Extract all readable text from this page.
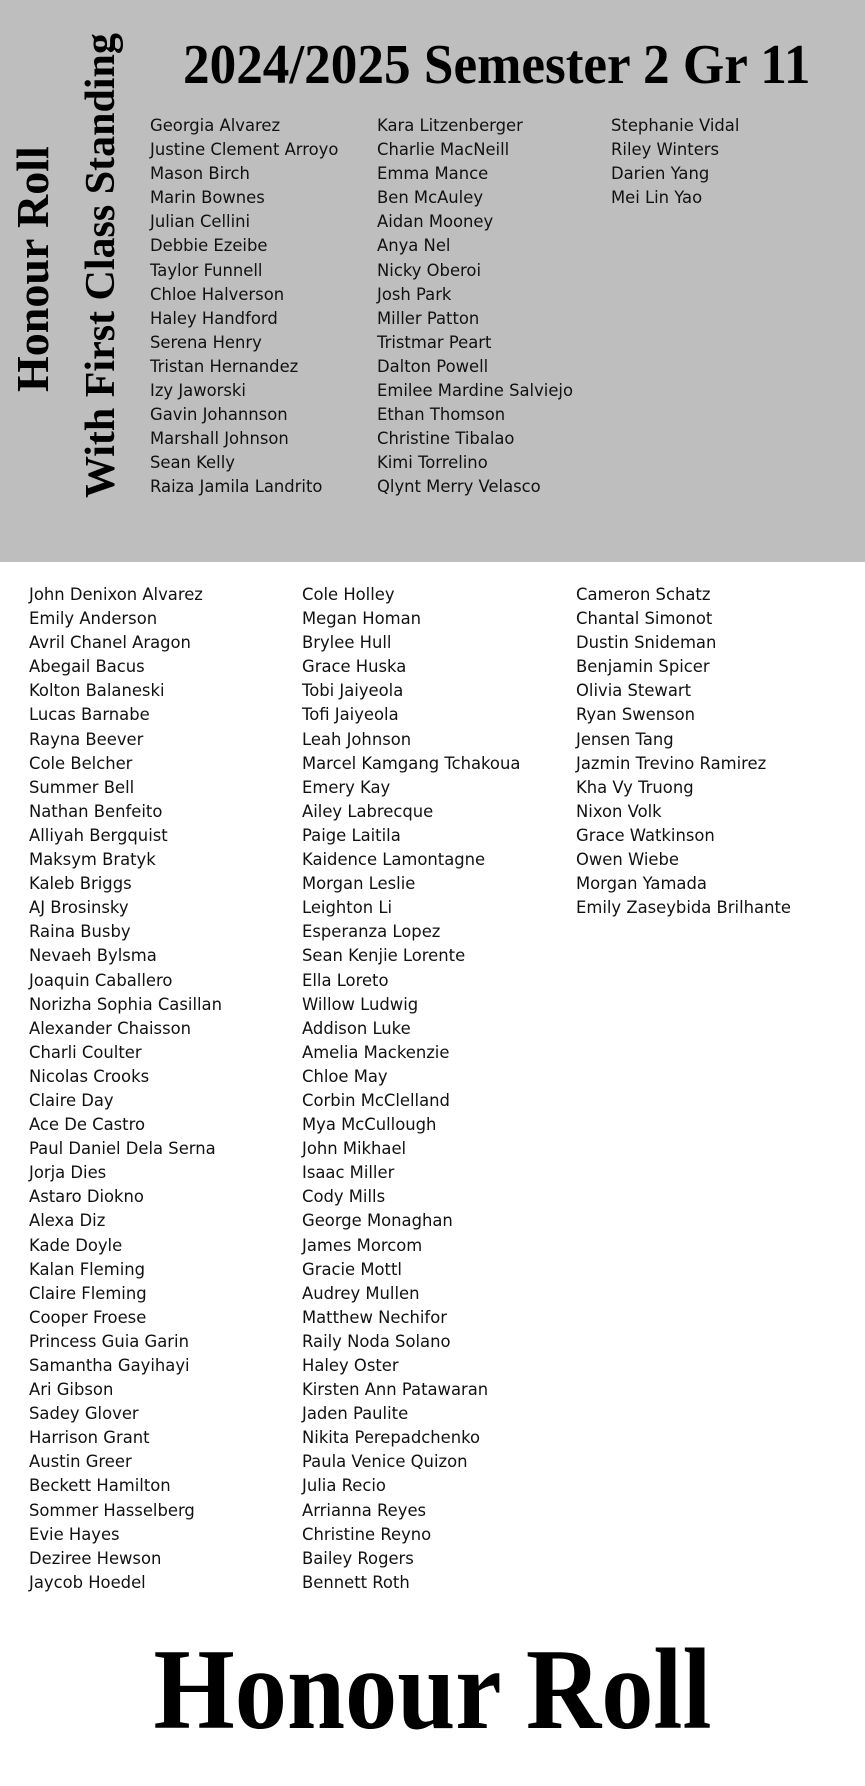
2024/2025 Semester 2 Gr 11
Honour Roll With First Class Standing Georgia Alvarez
Justine Clement Arroyo
Mason Birch
Marin Bownes
Julian Cellini
Debbie Ezeibe
Taylor Funnell
Chloe Halverson
Haley Handford
Serena Henry
Tristan Hernandez
Izy Jaworski
Gavin Johannson
Marshall Johnson
Sean Kelly
Raiza Jamila Landrito
Kara Litzenberger
Charlie MacNeill
Emma Mance
Ben McAuley
Aidan Mooney
Anya Nel
Nicky Oberoi
Josh Park
Miller Patton
Tristmar Peart
Dalton Powell
Emilee Mardine Salviejo
Ethan Thomson
Christine Tibalao
Kimi Torrelino
Qlynt Merry Velasco
Stephanie Vidal
Riley Winters
Darien Yang
Mei Lin Yao
John Denixon Alvarez
Emily Anderson
Avril Chanel Aragon
Abegail Bacus
Kolton Balaneski
Lucas Barnabe
Rayna Beever
Cole Belcher
Summer Bell
Nathan Benfeito
Alliyah Bergquist
Maksym Bratyk
Kaleb Briggs
AJ Brosinsky
Raina Busby
Nevaeh Bylsma
Joaquin Caballero
Norizha Sophia Casillan
Alexander Chaisson
Charli Coulter
Nicolas Crooks
Claire Day
Ace De Castro
Paul Daniel Dela Serna
Jorja Dies
Astaro Diokno
Alexa Diz
Kade Doyle
Kalan Fleming
Claire Fleming
Cooper Froese
Princess Guia Garin
Samantha Gayihayi
Ari Gibson
Sadey Glover
Harrison Grant
Austin Greer
Beckett Hamilton
Sommer Hasselberg
Evie Hayes
Deziree Hewson
Jaycob Hoedel
Cole Holley
Megan Homan
Brylee Hull
Grace Huska
Tobi Jaiyeola
Tofi Jaiyeola
Leah Johnson
Marcel Kamgang Tchakoua
Emery Kay
Ailey Labrecque
Paige Laitila
Kaidence Lamontagne
Morgan Leslie
Leighton Li
Esperanza Lopez
Sean Kenjie Lorente
Ella Loreto
Willow Ludwig
Addison Luke
Amelia Mackenzie
Chloe May
Corbin McClelland
Mya McCullough
John Mikhael
Isaac Miller
Cody Mills
George Monaghan
James Morcom
Gracie Mottl
Audrey Mullen
Matthew Nechifor
Raily Noda Solano
Haley Oster
Kirsten Ann Patawaran
Jaden Paulite
Nikita Perepadchenko
Paula Venice Quizon
Julia Recio
Arrianna Reyes
Christine Reyno
Bailey Rogers
Bennett Roth
Cameron Schatz
Chantal Simonot
Dustin Snideman
Benjamin Spicer
Olivia Stewart
Ryan Swenson
Jensen Tang
Jazmin Trevino Ramirez
Kha Vy Truong
Nixon Volk
Grace Watkinson
Owen Wiebe
Morgan Yamada
Emily Zaseybida Brilhante
Honour Roll
